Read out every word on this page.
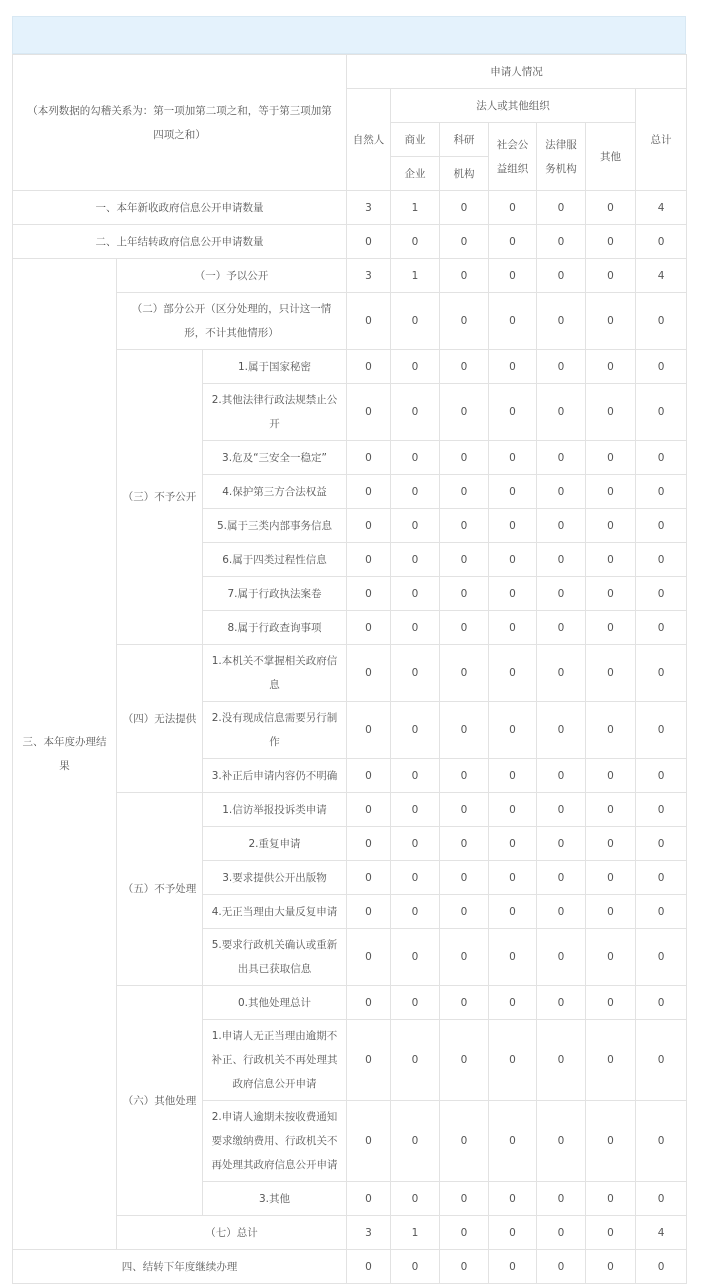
（本列数据的勾稽关系为：第一项加第二项之和，等于第三项加第四项之和）			申请人情况						
			自然人	法人或其他组织					总计
				商业	科研	社会公益组织	法律服务机构	其他	
				企业	机构				
一、本年新收政府信息公开申请数量			3	1	0	0	0	0	4
二、上年结转政府信息公开申请数量			0	0	0	0	0	0	0
三、本年度办理结果	（一）予以公开		3	1	0	0	0	0	4
	（二）部分公开（区分处理的，只计这一情形，不计其他情形）		0	0	0	0	0	0	0
	（三）不予公开	1.属于国家秘密	0	0	0	0	0	0	0
		2.其他法律行政法规禁止公开	0	0	0	0	0	0	0
		3.危及“三安全一稳定”	0	0	0	0	0	0	0
		4.保护第三方合法权益	0	0	0	0	0	0	0
		5.属于三类内部事务信息	0	0	0	0	0	0	0
		6.属于四类过程性信息	0	0	0	0	0	0	0
		7.属于行政执法案卷	0	0	0	0	0	0	0
		8.属于行政查询事项	0	0	0	0	0	0	0
	（四）无法提供	1.本机关不掌握相关政府信息	0	0	0	0	0	0	0
		2.没有现成信息需要另行制作	0	0	0	0	0	0	0
		3.补正后申请内容仍不明确	0	0	0	0	0	0	0
	（五）不予处理	1.信访举报投诉类申请	0	0	0	0	0	0	0
		2.重复申请	0	0	0	0	0	0	0
		3.要求提供公开出版物	0	0	0	0	0	0	0
		4.无正当理由大量反复申请	0	0	0	0	0	0	0
		5.要求行政机关确认或重新出具已获取信息	0	0	0	0	0	0	0
	（六）其他处理	0.其他处理总计	0	0	0	0	0	0	0
		1.申请人无正当理由逾期不补正、行政机关不再处理其政府信息公开申请	0	0	0	0	0	0	0
		2.申请人逾期未按收费通知要求缴纳费用、行政机关不再处理其政府信息公开申请	0	0	0	0	0	0	0
		3.其他	0	0	0	0	0	0	0
	（七）总计		3	1	0	0	0	0	4
四、结转下年度继续办理			0	0	0	0	0	0	0
